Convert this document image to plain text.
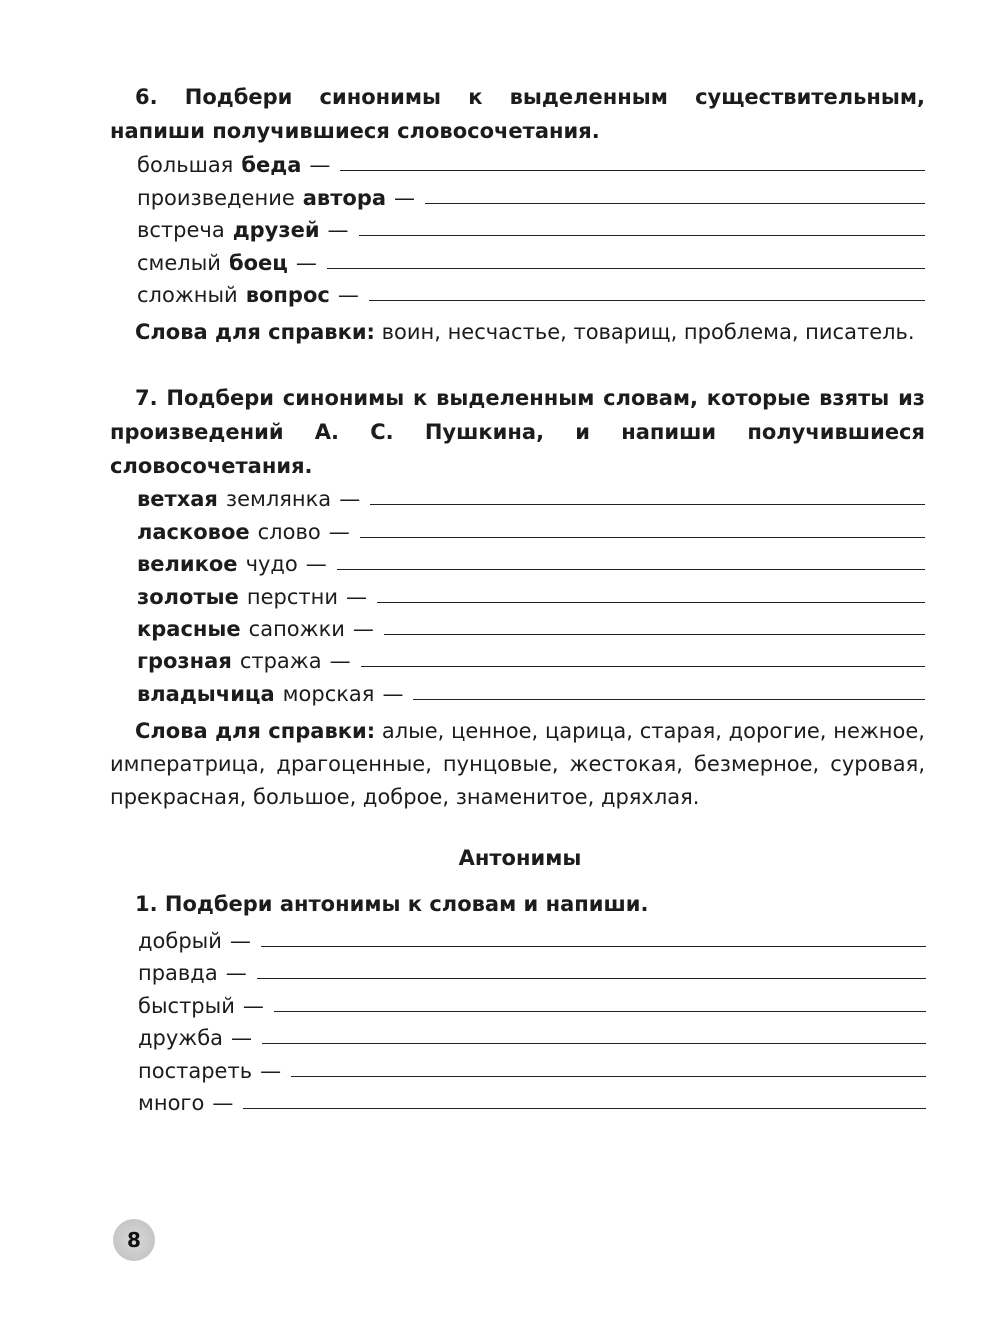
6. Подбери синонимы к выделенным существительным, напиши получившиеся словосочетания.
большая беда —
произведение автора —
встреча друзей —
смелый боец —
сложный вопрос —
Слова для справки: воин, несчастье, товарищ, проблема, писатель.
7. Подбери синонимы к выделенным словам, которые взяты из произведений А. С. Пушкина, и напиши получившиеся словосочетания.
ветхая землянка —
ласковое слово —
великое чудо —
золотые перстни —
красные сапожки —
грозная стража —
владычица морская —
Слова для справки: алые, ценное, царица, старая, дорогие, нежное, императрица, драгоценные, пунцовые, жестокая, безмерное, суровая, прекрасная, большое, доброе, знаменитое, дряхлая.
Антонимы
1. Подбери антонимы к словам и напиши.
добрый —
правда —
быстрый —
дружба —
постареть —
много —
8
